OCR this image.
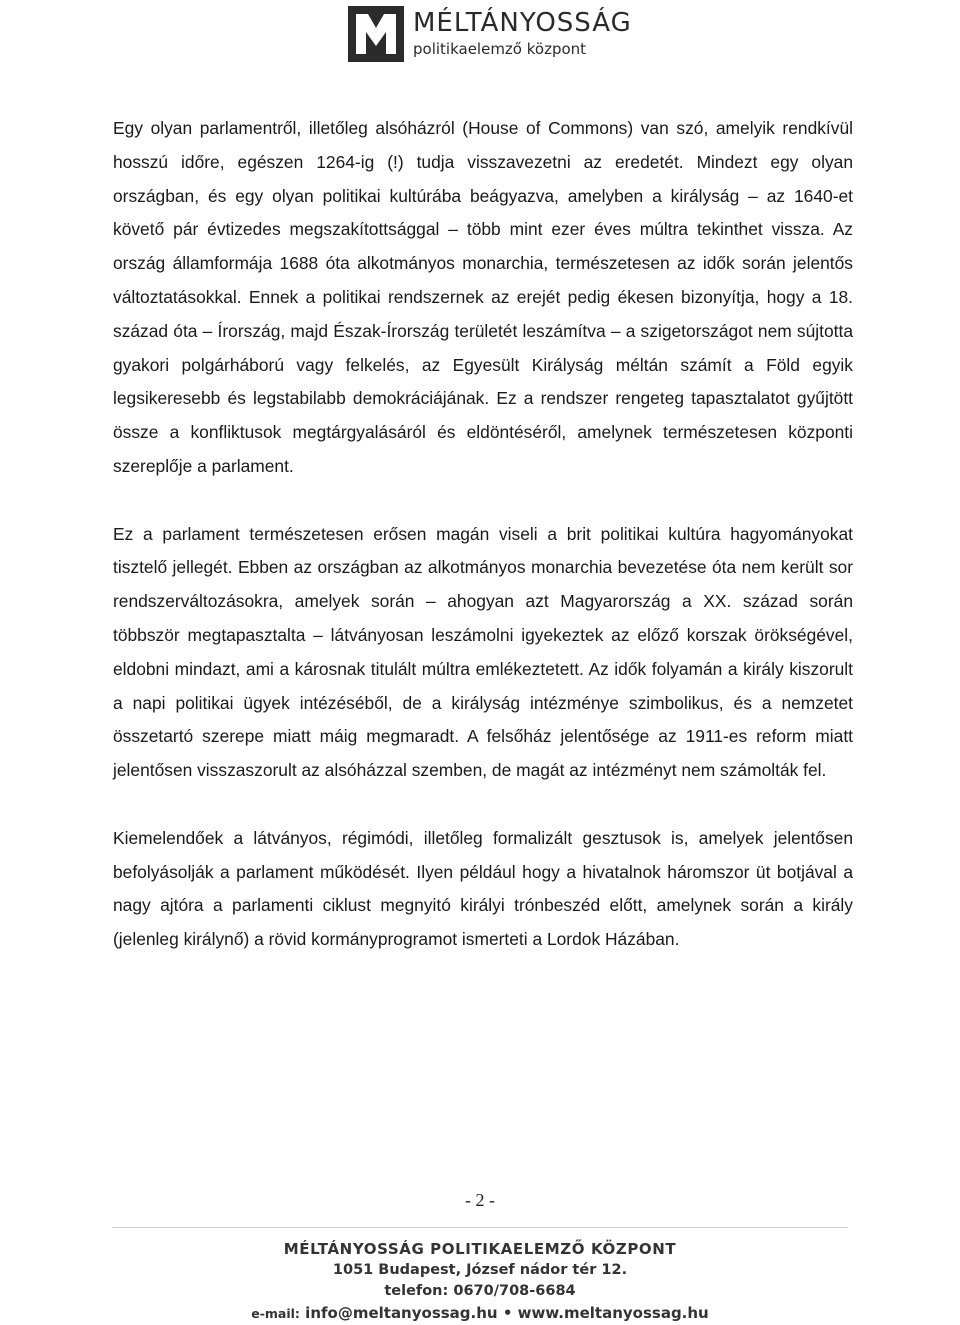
MÉLTÁNYOSSÁG
politikaelemző központ

Egy olyan parlamentről, illetőleg alsóházról (House of Commons) van szó, amelyik rendkívül hosszú időre, egészen 1264-ig (!) tudja visszavezetni az eredetét. Mindezt egy olyan országban, és egy olyan politikai kultúrába beágyazva, amelyben a királyság – az 1640-et követő pár évtizedes megszakítottsággal – több mint ezer éves múltra tekinthet vissza. Az ország államformája 1688 óta alkotmányos monarchia, természetesen az idők során jelentős változtatásokkal. Ennek a politikai rendszernek az erejét pedig ékesen bizonyítja, hogy a 18. század óta – Írország, majd Észak-Írország területét leszámítva – a szigetországot nem sújtotta gyakori polgárháború vagy felkelés, az Egyesült Királyság méltán számít a Föld egyik legsikeresebb és legstabilabb demokráciájának. Ez a rendszer rengeteg tapasztalatot gyűjtött össze a konfliktusok megtárgyalásáról és eldöntéséről, amelynek természetesen központi szereplője a parlament.

Ez a parlament természetesen erősen magán viseli a brit politikai kultúra hagyományokat tisztelő jellegét. Ebben az országban az alkotmányos monarchia bevezetése óta nem került sor rendszerváltozásokra, amelyek során – ahogyan azt Magyarország a XX. század során többször megtapasztalta – látványosan leszámolni igyekeztek az előző korszak örökségével, eldobni mindazt, ami a károsnak titulált múltra emlékeztetett. Az idők folyamán a király kiszorult a napi politikai ügyek intézéséből, de a királyság intézménye szimbolikus, és a nemzetet összetartó szerepe miatt máig megmaradt. A felsőház jelentősége az 1911-es reform miatt jelentősen visszaszorult az alsóházzal szemben, de magát az intézményt nem számolták fel.

Kiemelendőek a látványos, régimódi, illetőleg formalizált gesztusok is, amelyek jelentősen befolyásolják a parlament működését. Ilyen például hogy a hivatalnok háromszor üt botjával a nagy ajtóra a parlamenti ciklust megnyitó királyi trónbeszéd előtt, amelynek során a király (jelenleg királynő) a rövid kormányprogramot ismerteti a Lordok Házában.

- 2 -
MÉLTÁNYOSSÁG POLITIKAELEMZŐ KÖZPONT
1051 Budapest, József nádor tér 12.
telefon: 0670/708-6684
e-mail: info@meltanyossag.hu • www.meltanyossag.hu
